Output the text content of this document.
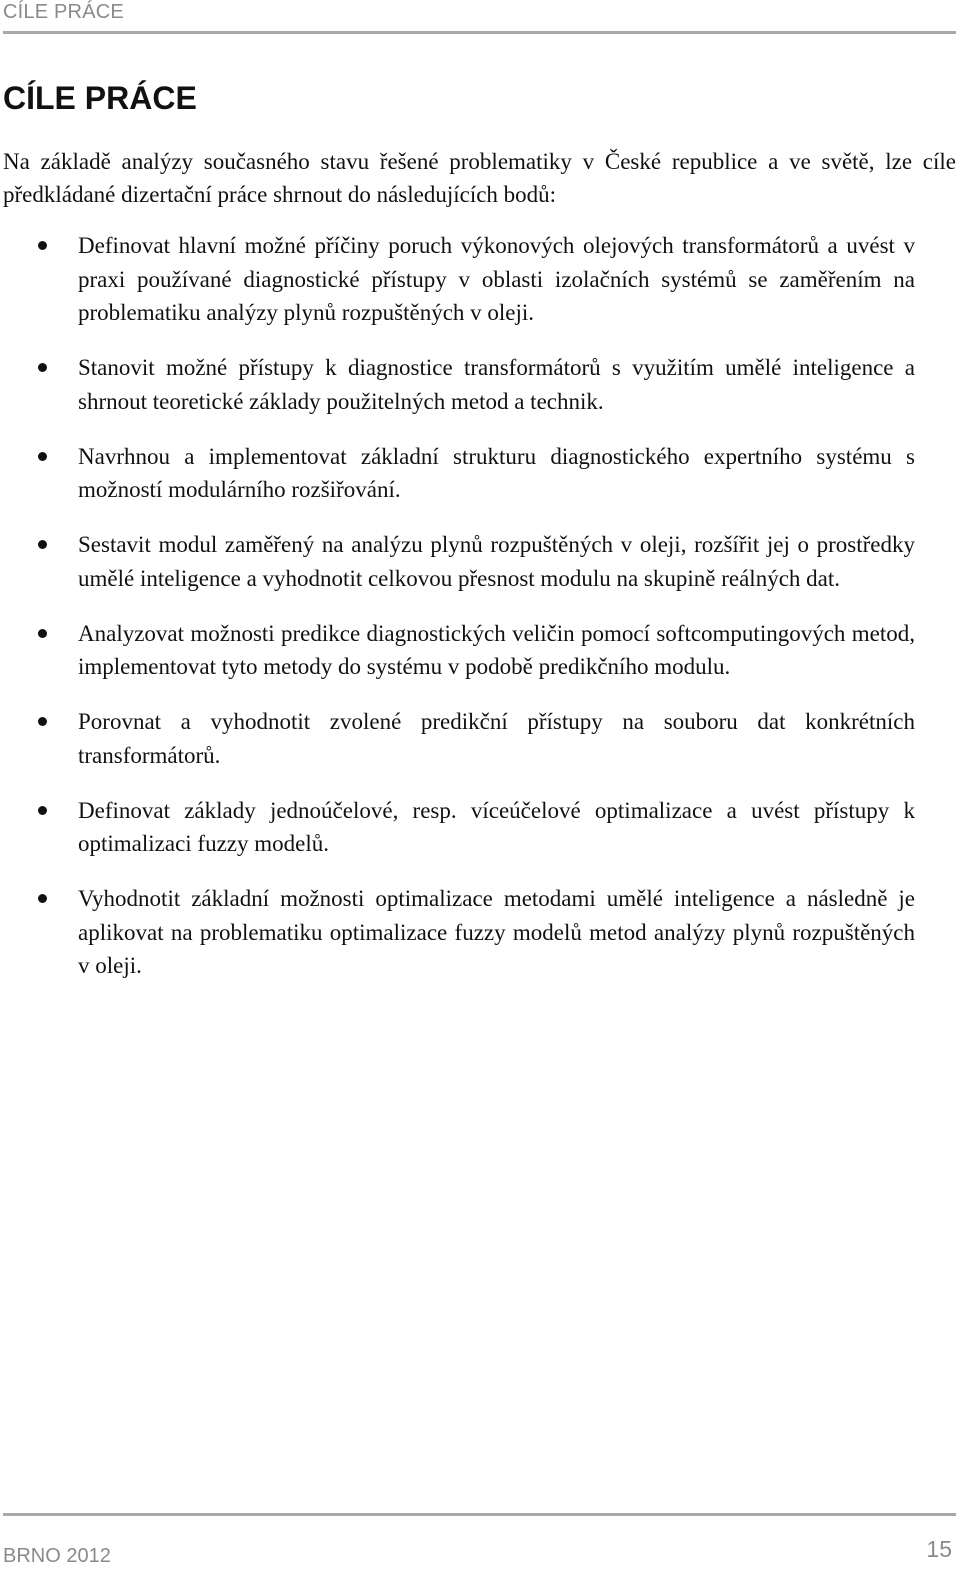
CÍLE PRÁCE
CÍLE PRÁCE

Na základě analýzy současného stavu řešené problematiky v České republice a ve světě, lze cíle předkládané dizertační práce shrnout do následujících bodů:

Definovat hlavní možné příčiny poruch výkonových olejových transformátorů a uvést v praxi používané diagnostické přístupy v oblasti izolačních systémů se zaměřením na problematiku analýzy plynů rozpuštěných v oleji.
Stanovit možné přístupy k diagnostice transformátorů s využitím umělé inteligence a shrnout teoretické základy použitelných metod a technik.
Navrhnou a implementovat základní strukturu diagnostického expertního systému s možností modulárního rozšiřování.
Sestavit modul zaměřený na analýzu plynů rozpuštěných v oleji, rozšířit jej o prostředky umělé inteligence a vyhodnotit celkovou přesnost modulu na skupině reálných dat.
Analyzovat možnosti predikce diagnostických veličin pomocí softcomputingových metod, implementovat tyto metody do systému v podobě predikčního modulu.
Porovnat a vyhodnotit zvolené predikční přístupy na souboru dat konkrétních transformátorů.
Definovat základy jednoúčelové, resp. víceúčelové optimalizace a uvést přístupy k optimalizaci fuzzy modelů.
Vyhodnotit základní možnosti optimalizace metodami umělé inteligence a následně je aplikovat na problematiku optimalizace fuzzy modelů metod analýzy plynů rozpuštěných v oleji.
BRNO 2012	15
